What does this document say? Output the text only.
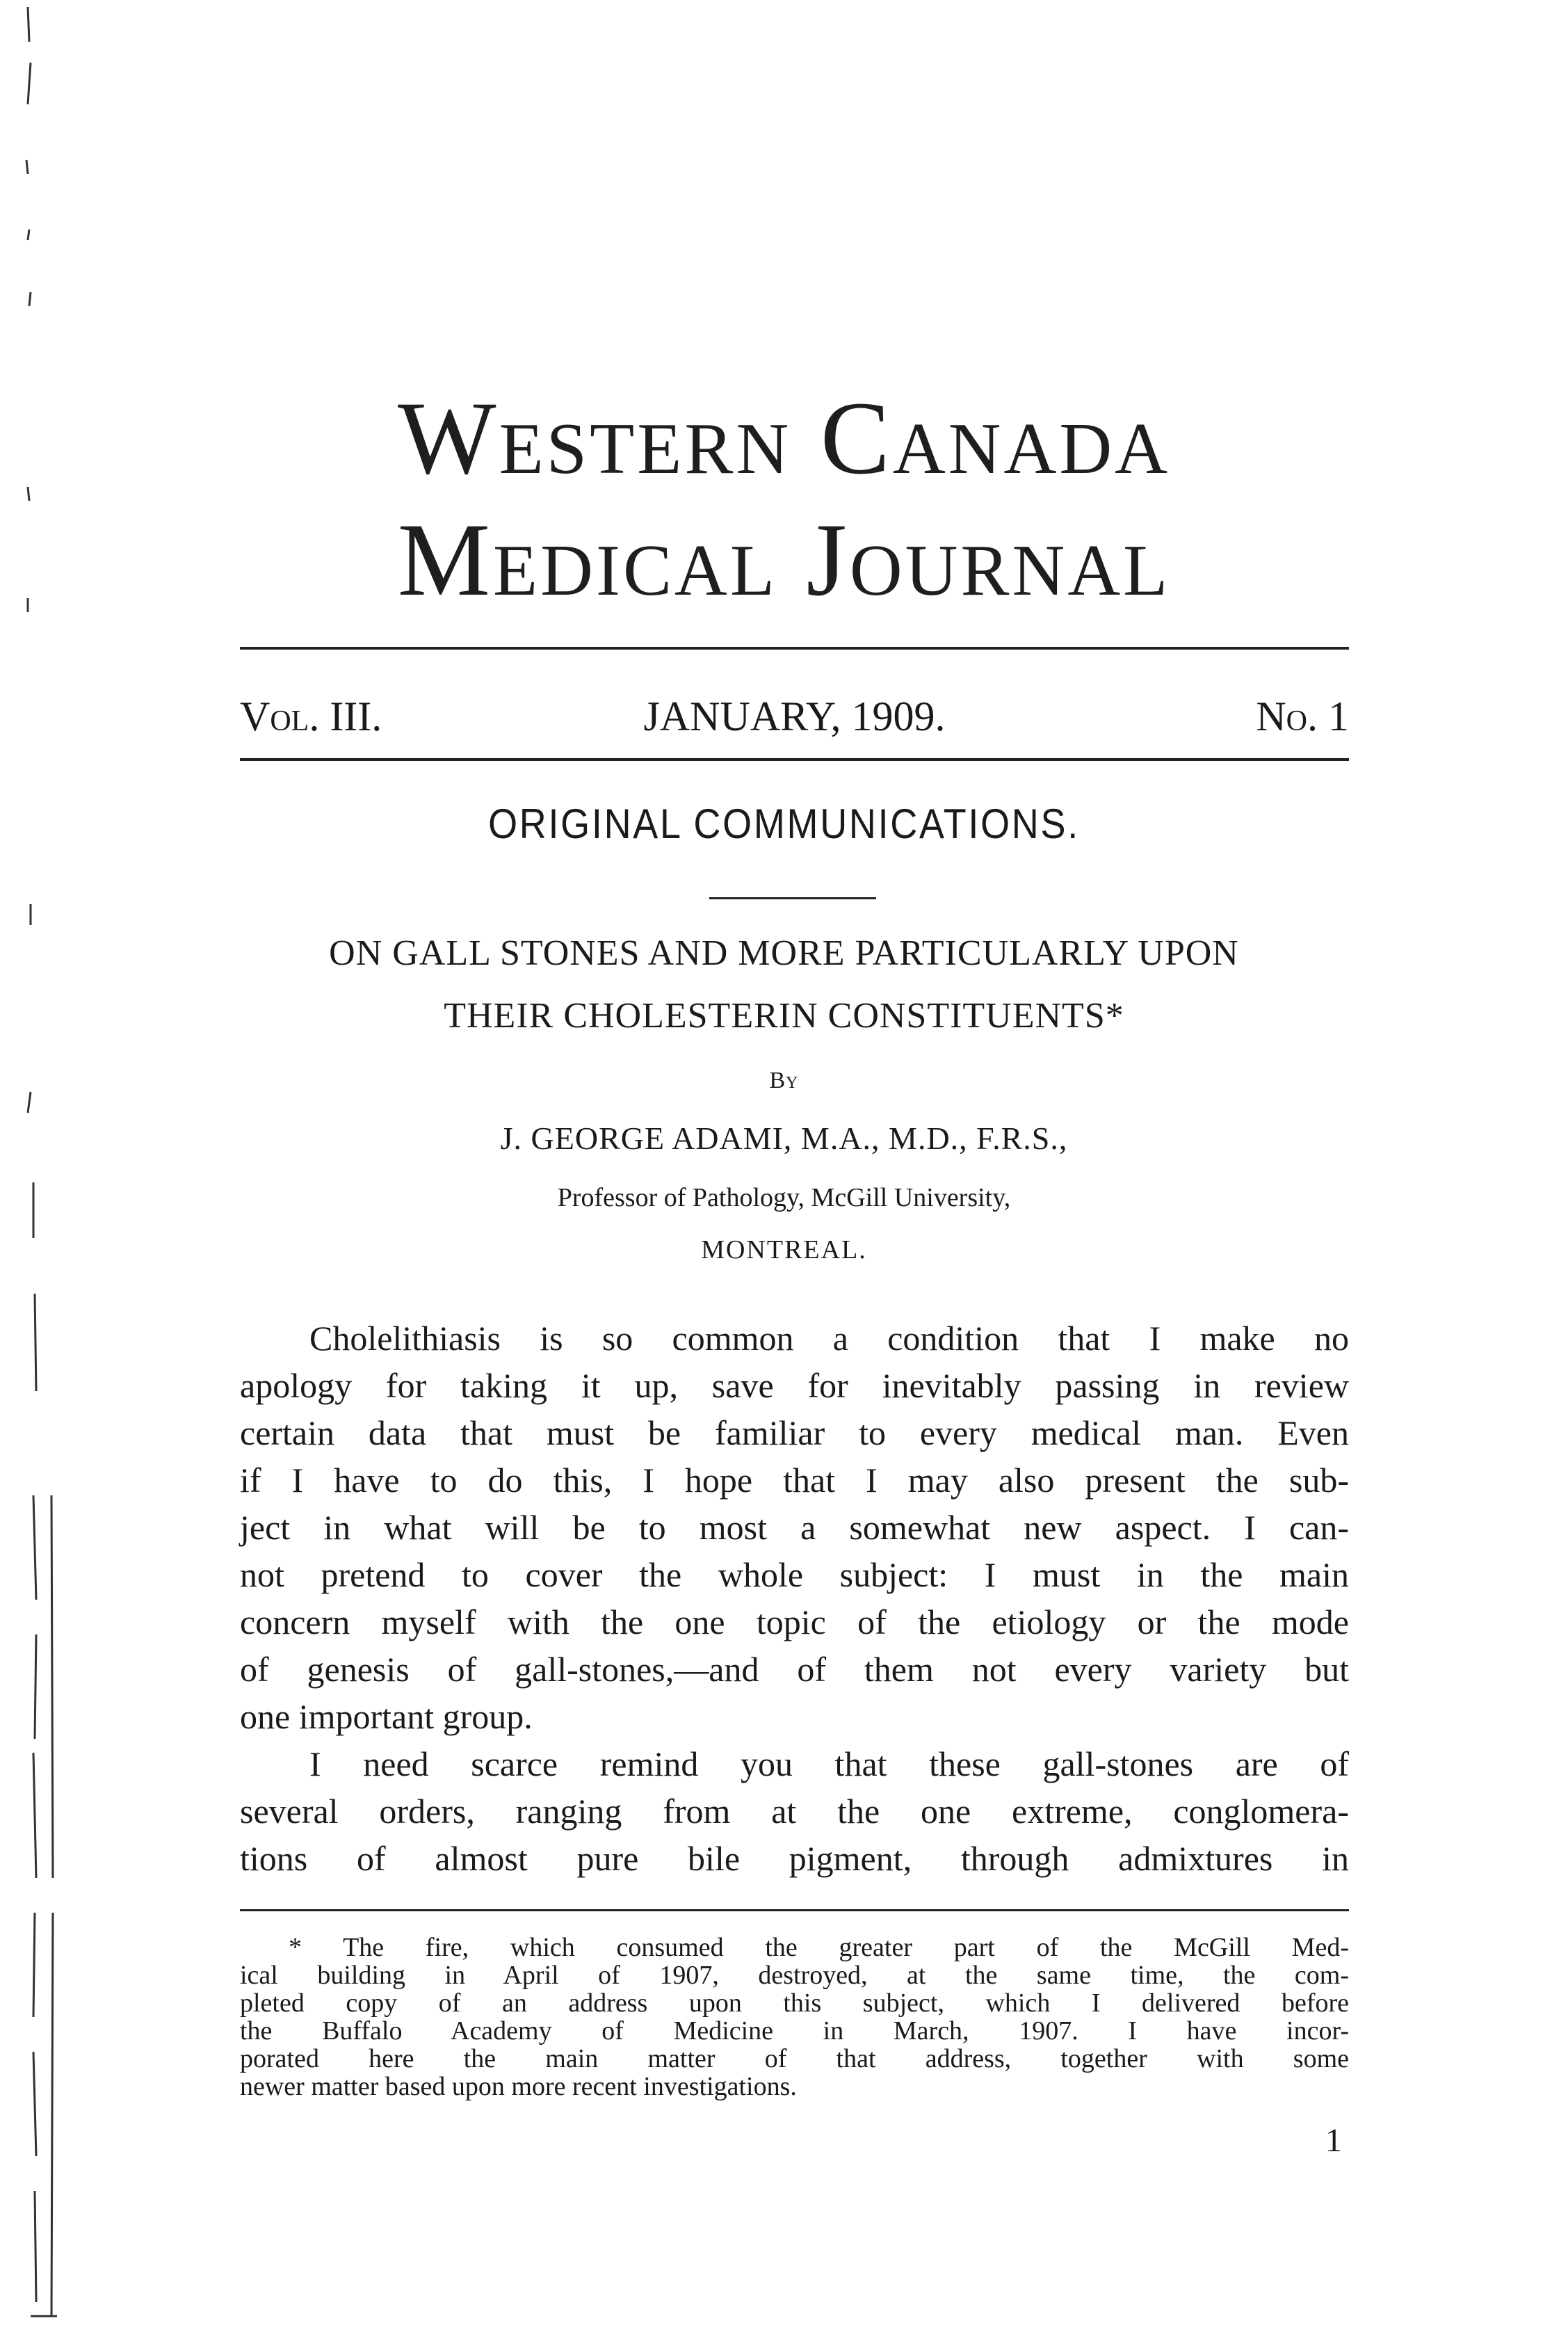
Western Canada
Medical Journal
Vol. III.	JANUARY, 1909.	No. 1
ORIGINAL COMMUNICATIONS.
ON GALL STONES AND MORE PARTICULARLY UPON
THEIR CHOLESTERIN CONSTITUENTS*
By
J. GEORGE ADAMI, M.A., M.D., F.R.S.,
Professor of Pathology, McGill University,
MONTREAL.
Cholelithiasis is so common a condition that I make no
apology for taking it up, save for inevitably passing in review
certain data that must be familiar to every medical man. Even
if I have to do this, I hope that I may also present the sub-
ject in what will be to most a somewhat new aspect. I can-
not pretend to cover the whole subject: I must in the main
concern myself with the one topic of the etiology or the mode
of genesis of gall-stones,—and of them not every variety but
one important group.
I need scarce remind you that these gall-stones are of
several orders, ranging from at the one extreme, conglomera-
tions of almost pure bile pigment, through admixtures in
* The fire, which consumed the greater part of the McGill Med-
ical building in April of 1907, destroyed, at the same time, the com-
pleted copy of an address upon this subject, which I delivered before
the Buffalo Academy of Medicine in March, 1907. I have incor-
porated here the main matter of that address, together with some
newer matter based upon more recent investigations.
1
